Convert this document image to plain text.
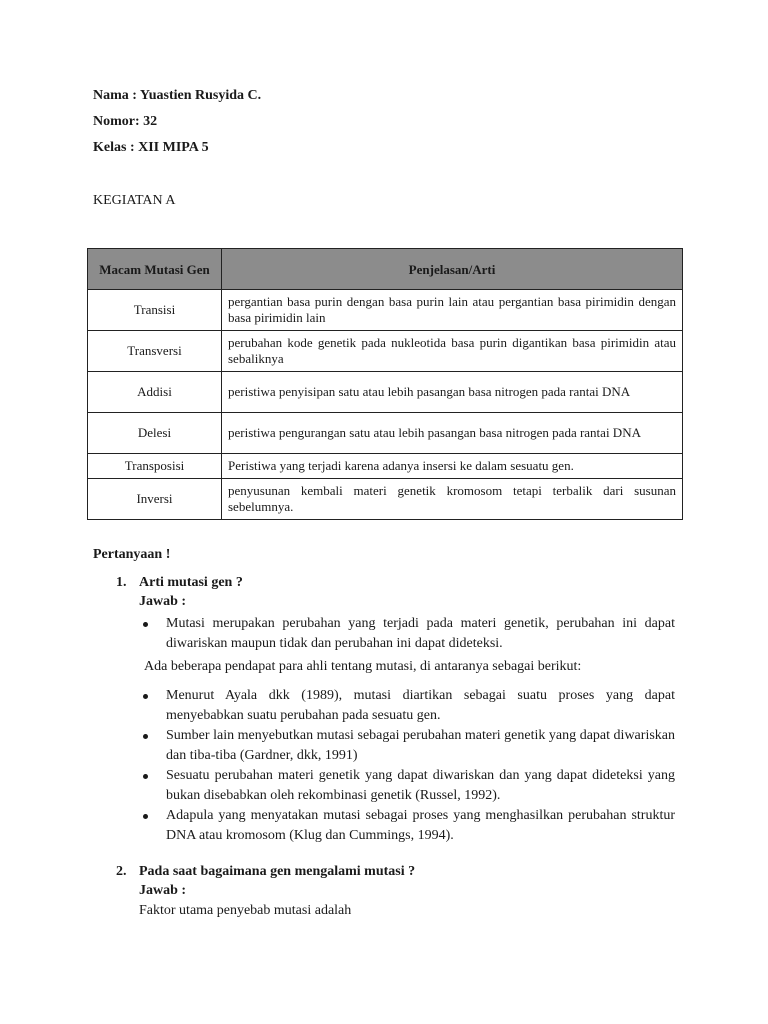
Nama : Yuastien Rusyida C.
Nomor: 32
Kelas : XII MIPA 5
KEGIATAN A
Macam Mutasi Gen	Penjelasan/Arti
Transisi	pergantian basa purin dengan basa purin lain atau pergantian basa pirimidin dengan basa pirimidin lain
Transversi	perubahan kode genetik pada nukleotida basa purin digantikan basa pirimidin atau sebaliknya
Addisi	peristiwa penyisipan satu atau lebih pasangan basa nitrogen pada rantai DNA
Delesi	peristiwa pengurangan satu atau lebih pasangan basa nitrogen pada rantai DNA
Transposisi	Peristiwa yang terjadi karena adanya insersi ke dalam sesuatu gen.
Inversi	penyusunan kembali materi genetik kromosom tetapi terbalik dari susunan sebelumnya.
Pertanyaan !
1. Arti mutasi gen ?
Jawab :
Mutasi merupakan perubahan yang terjadi pada materi genetik, perubahan ini dapat diwariskan maupun tidak dan perubahan ini dapat dideteksi.
Ada beberapa pendapat para ahli tentang mutasi, di antaranya sebagai berikut:
Menurut Ayala dkk (1989), mutasi diartikan sebagai suatu proses yang dapat menyebabkan suatu perubahan pada sesuatu gen.
Sumber lain menyebutkan mutasi sebagai perubahan materi genetik yang dapat diwariskan dan tiba-tiba (Gardner, dkk, 1991)
Sesuatu perubahan materi genetik yang dapat diwariskan dan yang dapat dideteksi yang bukan disebabkan oleh rekombinasi genetik (Russel, 1992).
Adapula yang menyatakan mutasi sebagai proses yang menghasilkan perubahan struktur DNA atau kromosom (Klug dan Cummings, 1994).
2. Pada saat bagaimana gen mengalami mutasi ?
Jawab :
Faktor utama penyebab mutasi adalah
